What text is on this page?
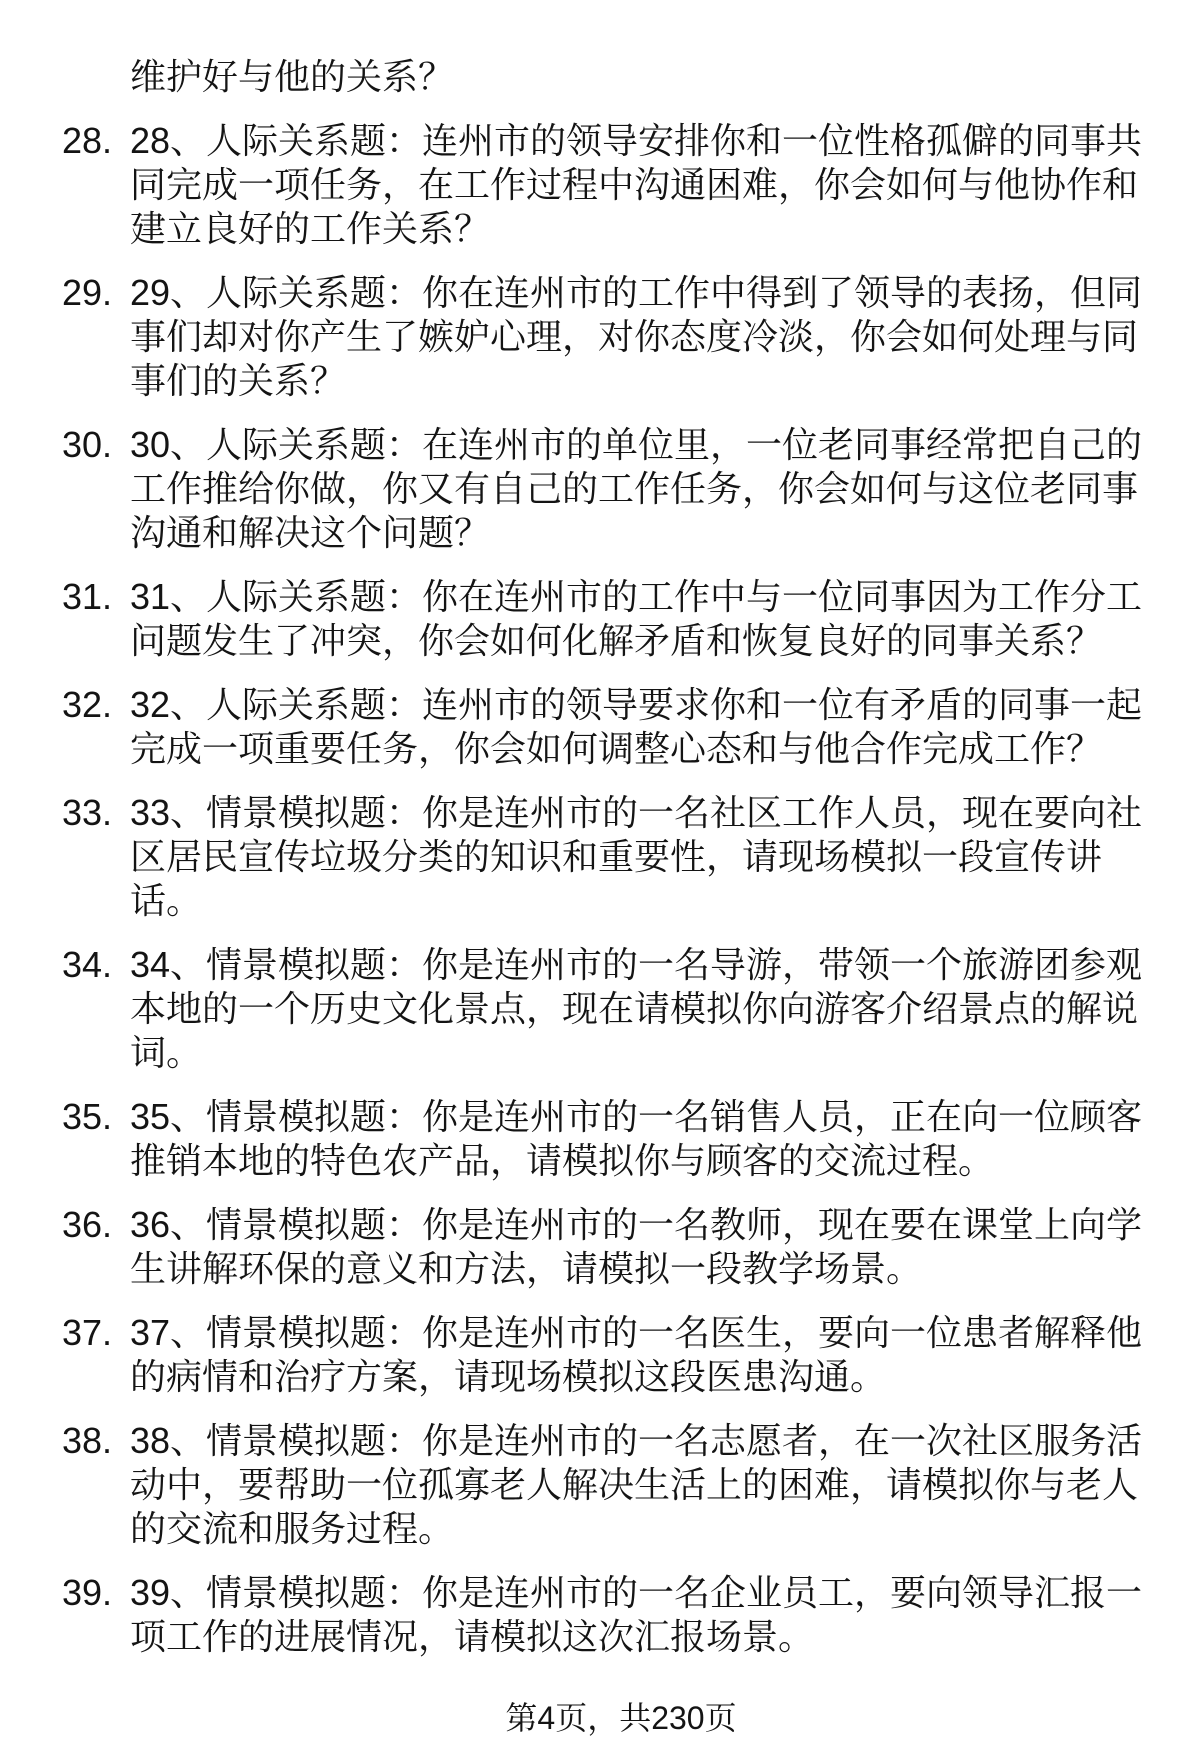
维护好与他的关系？
28. 28、人际关系题：连州市的领导安排你和一位性格孤僻的同事共
同完成一项任务，在工作过程中沟通困难，你会如何与他协作和
建立良好的工作关系？
29. 29、人际关系题：你在连州市的工作中得到了领导的表扬，但同
事们却对你产生了嫉妒心理，对你态度冷淡，你会如何处理与同
事们的关系？
30. 30、人际关系题：在连州市的单位里，一位老同事经常把自己的
工作推给你做，你又有自己的工作任务，你会如何与这位老同事
沟通和解决这个问题？
31. 31、人际关系题：你在连州市的工作中与一位同事因为工作分工
问题发生了冲突，你会如何化解矛盾和恢复良好的同事关系？
32. 32、人际关系题：连州市的领导要求你和一位有矛盾的同事一起
完成一项重要任务，你会如何调整心态和与他合作完成工作？
33. 33、情景模拟题：你是连州市的一名社区工作人员，现在要向社
区居民宣传垃圾分类的知识和重要性，请现场模拟一段宣传讲
话。
34. 34、情景模拟题：你是连州市的一名导游，带领一个旅游团参观
本地的一个历史文化景点，现在请模拟你向游客介绍景点的解说
词。
35. 35、情景模拟题：你是连州市的一名销售人员，正在向一位顾客
推销本地的特色农产品，请模拟你与顾客的交流过程。
36. 36、情景模拟题：你是连州市的一名教师，现在要在课堂上向学
生讲解环保的意义和方法，请模拟一段教学场景。
37. 37、情景模拟题：你是连州市的一名医生，要向一位患者解释他
的病情和治疗方案，请现场模拟这段医患沟通。
38. 38、情景模拟题：你是连州市的一名志愿者，在一次社区服务活
动中，要帮助一位孤寡老人解决生活上的困难，请模拟你与老人
的交流和服务过程。
39. 39、情景模拟题：你是连州市的一名企业员工，要向领导汇报一
项工作的进展情况，请模拟这次汇报场景。
第4页，共230页
